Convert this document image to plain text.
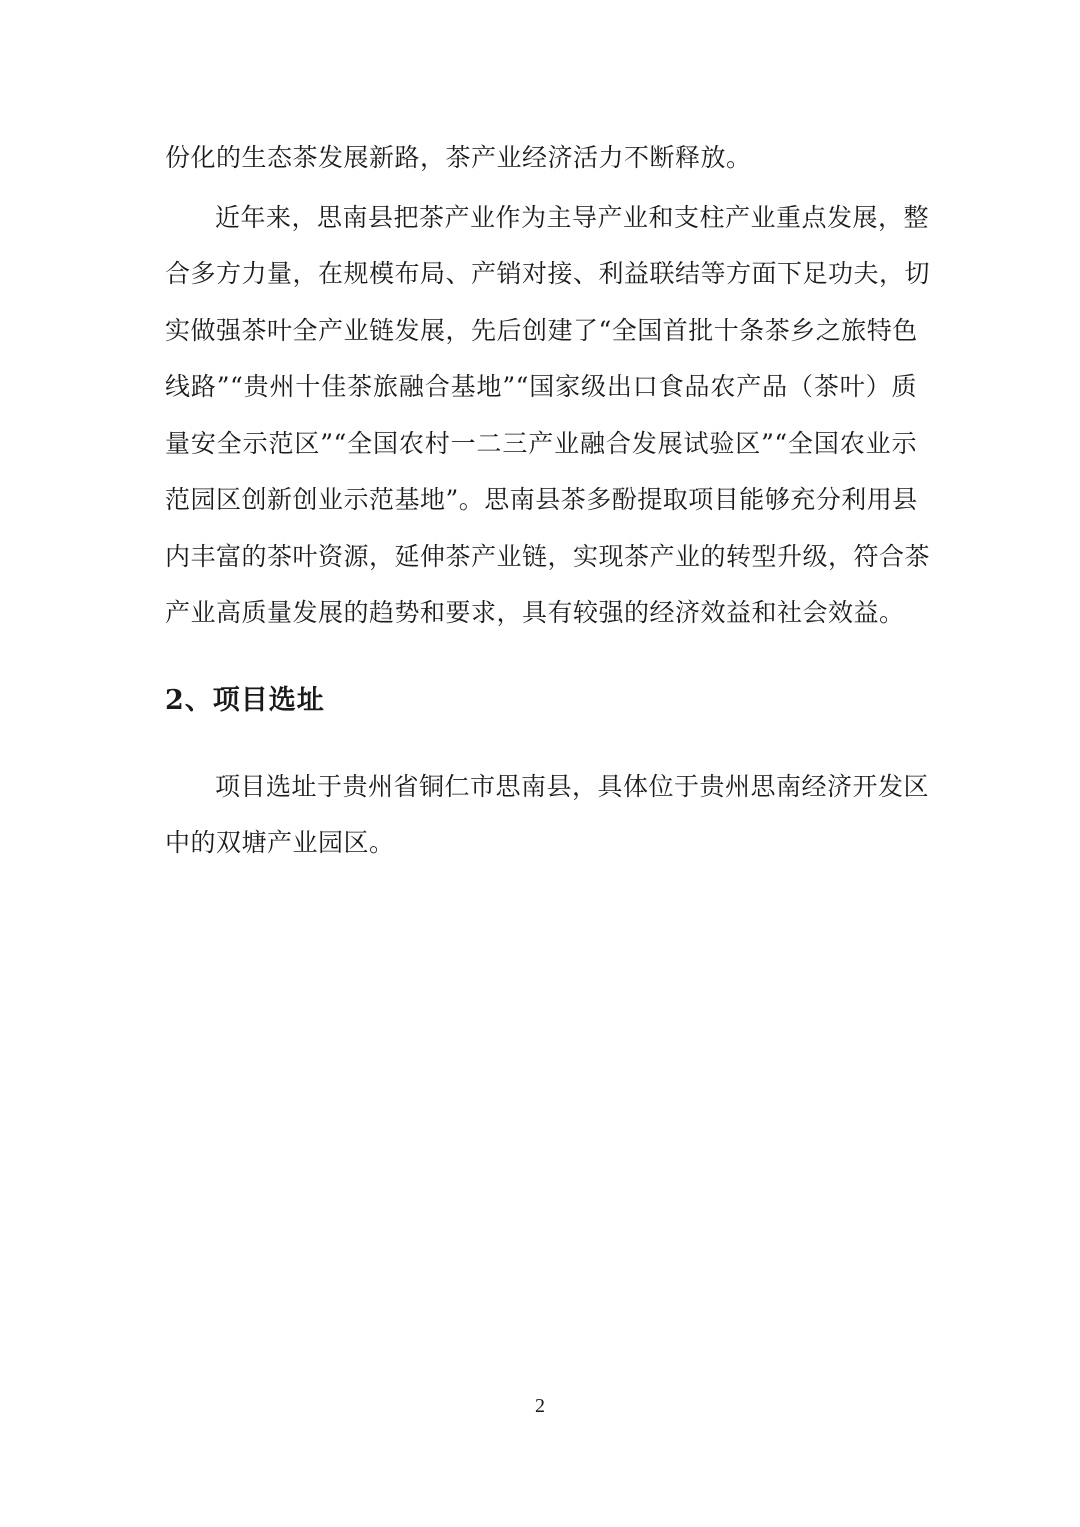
份化的生态茶发展新路，茶产业经济活力不断释放。
近年来，思南县把茶产业作为主导产业和支柱产业重点发展，整
合多方力量，在规模布局、产销对接、利益联结等方面下足功夫，切
实做强茶叶全产业链发展，先后创建了“全国首批十条茶乡之旅特色
线路”“贵州十佳茶旅融合基地”“国家级出口食品农产品（茶叶）质
量安全示范区”“全国农村一二三产业融合发展试验区”“全国农业示
范园区创新创业示范基地”。思南县茶多酚提取项目能够充分利用县
内丰富的茶叶资源，延伸茶产业链，实现茶产业的转型升级，符合茶
产业高质量发展的趋势和要求，具有较强的经济效益和社会效益。
2、项目选址
项目选址于贵州省铜仁市思南县，具体位于贵州思南经济开发区
中的双塘产业园区。
2
